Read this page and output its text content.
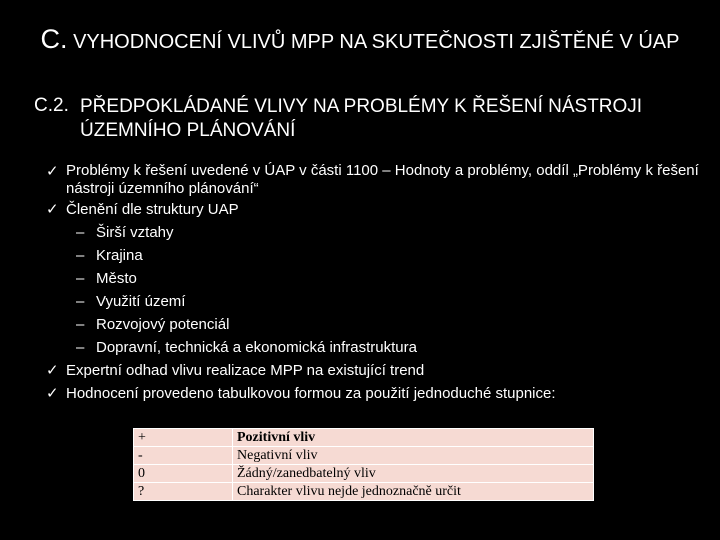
C. VYHODNOCENÍ VLIVŮ MPP NA SKUTEČNOSTI ZJIŠTĚNÉ V ÚAP
C.2. PŘEDPOKLÁDANÉ VLIVY NA PROBLÉMY K ŘEŠENÍ NÁSTROJI ÚZEMNÍHO PLÁNOVÁNÍ
✓ Problémy k řešení uvedené v ÚAP v části 1100 – Hodnoty a problémy, oddíl „Problémy k řešení nástroji územního plánování“
✓ Členění dle struktury UAP
– Širší vztahy
– Krajina
– Město
– Využití území
– Rozvojový potenciál
– Dopravní, technická a ekonomická infrastruktura
✓ Expertní odhad vlivu realizace MPP na existující trend
✓ Hodnocení provedeno tabulkovou formou za použití jednoduché stupnice:
+	Pozitivní vliv
-	Negativní vliv
0	Žádný/zanedbatelný vliv
?	Charakter vlivu nejde jednoznačně určit
